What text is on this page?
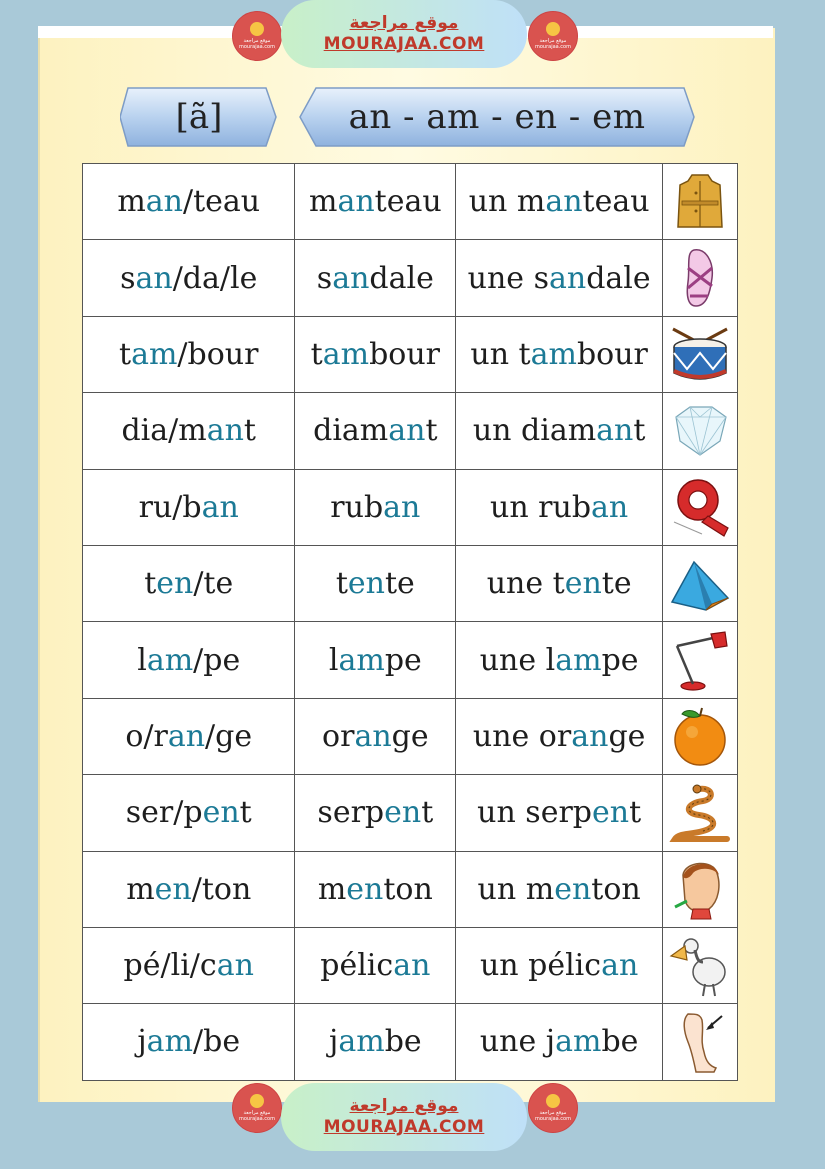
موقع مراجعة
mourajaa.com
موقع مراجعة
MOURAJAA.COM	موقع مراجعة
mourajaa.com
[ã]	an - am - en - em
man/teau	manteau	un manteau	

san/da/le	sandale	une sandale	

tam/bour	tambour	un tambour	

dia/mant	diamant	un diamant	

ru/ban	ruban	un ruban	

ten/te	tente	une tente	

lam/pe	lampe	une lampe	

o/ran/ge	orange	une orange	

ser/pent	serpent	un serpent	

men/ton	menton	un menton	

pé/li/can	pélican	un pélican	

jam/be	jambe	une jambe	
موقع مراجعة
mourajaa.com
موقع مراجعة
MOURAJAA.COM
موقع مراجعة
mourajaa.com
